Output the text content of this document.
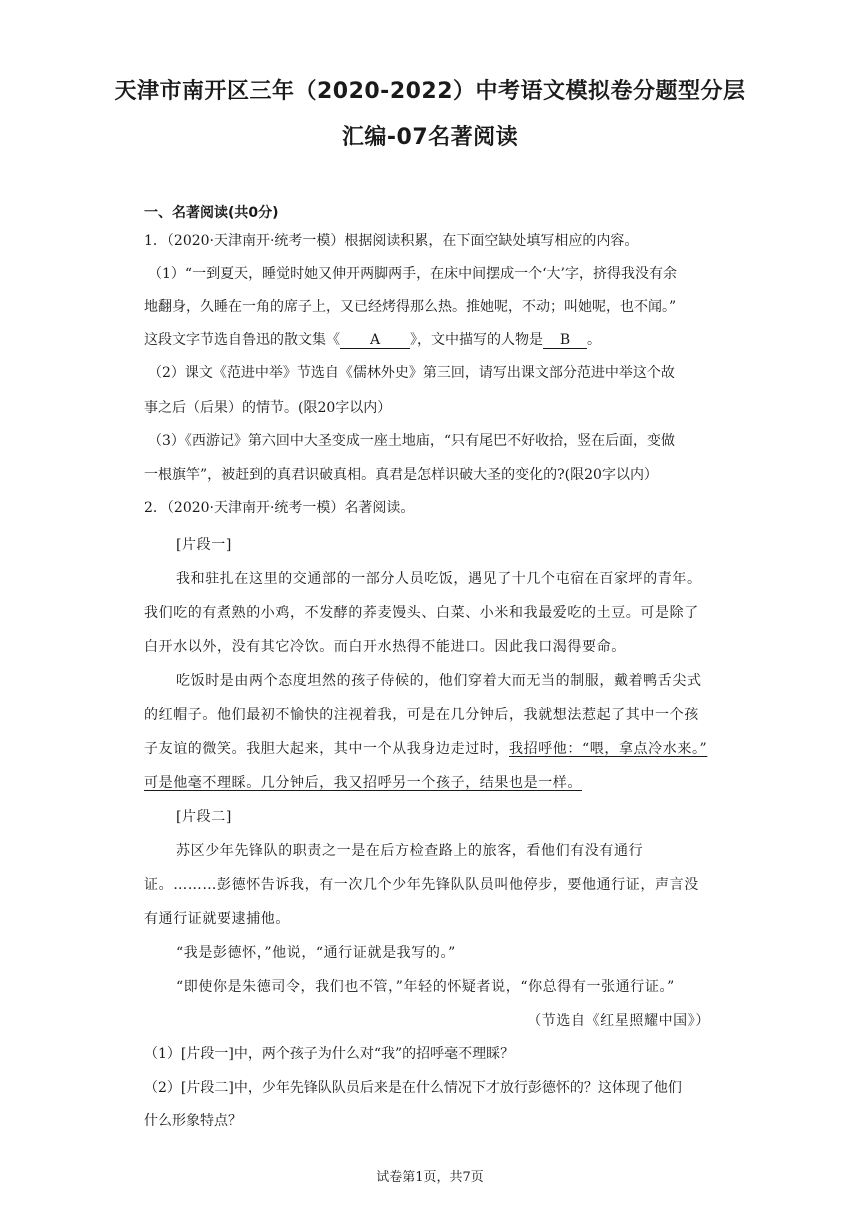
天津市南开区三年（2020-2022）中考语文模拟卷分题型分层
汇编-07名著阅读
一、名著阅读(共0分)
1．（2020·天津南开·统考一模）根据阅读积累，在下面空缺处填写相应的内容。
（1）“一到夏天，睡觉时她又伸开两脚两手，在床中间摆成一个‘大’字，挤得我没有余
地翻身，久睡在一角的席子上，又已经烤得那么热。推她呢，不动；叫她呢，也不闻。”
这段文字节选自鲁迅的散文集《 A 》，文中描写的人物是 B 。
（2）课文《范进中举》节选自《儒林外史》第三回，请写出课文部分范进中举这个故
事之后（后果）的情节。(限20字以内）
（3）《西游记》第六回中大圣变成一座土地庙，“只有尾巴不好收拾，竖在后面，变做
一根旗竿”，被赶到的真君识破真相。真君是怎样识破大圣的变化的?(限20字以内）
2．（2020·天津南开·统考一模）名著阅读。
[片段一]
我和驻扎在这里的交通部的一部分人员吃饭，遇见了十几个屯宿在百家坪的青年。
我们吃的有煮熟的小鸡，不发酵的荞麦馒头、白菜、小米和我最爱吃的土豆。可是除了
白开水以外，没有其它冷饮。而白开水热得不能进口。因此我口渴得要命。
吃饭时是由两个态度坦然的孩子侍候的，他们穿着大而无当的制服，戴着鸭舌尖式
的红帽子。他们最初不愉快的注视着我，可是在几分钟后，我就想法惹起了其中一个孩
子友谊的微笑。我胆大起来，其中一个从我身边走过时，我招呼他：“喂，拿点冷水来。”
可是他毫不理睬。几分钟后，我又招呼另一个孩子，结果也是一样。
[片段二]
苏区少年先锋队的职责之一是在后方检查路上的旅客，看他们有没有通行
证。………彭德怀告诉我，有一次几个少年先锋队队员叫他停步，要他通行证，声言没
有通行证就要逮捕他。
“我是彭德怀，”他说，“通行证就是我写的。”
“即使你是朱德司令，我们也不管，”年轻的怀疑者说，“你总得有一张通行证。”
（节选自《红星照耀中国》）
（1）[片段一]中，两个孩子为什么对“我”的招呼毫不理睬？
（2）[片段二]中，少年先锋队队员后来是在什么情况下才放行彭德怀的？这体现了他们
什么形象特点？
试卷第1页，共7页
